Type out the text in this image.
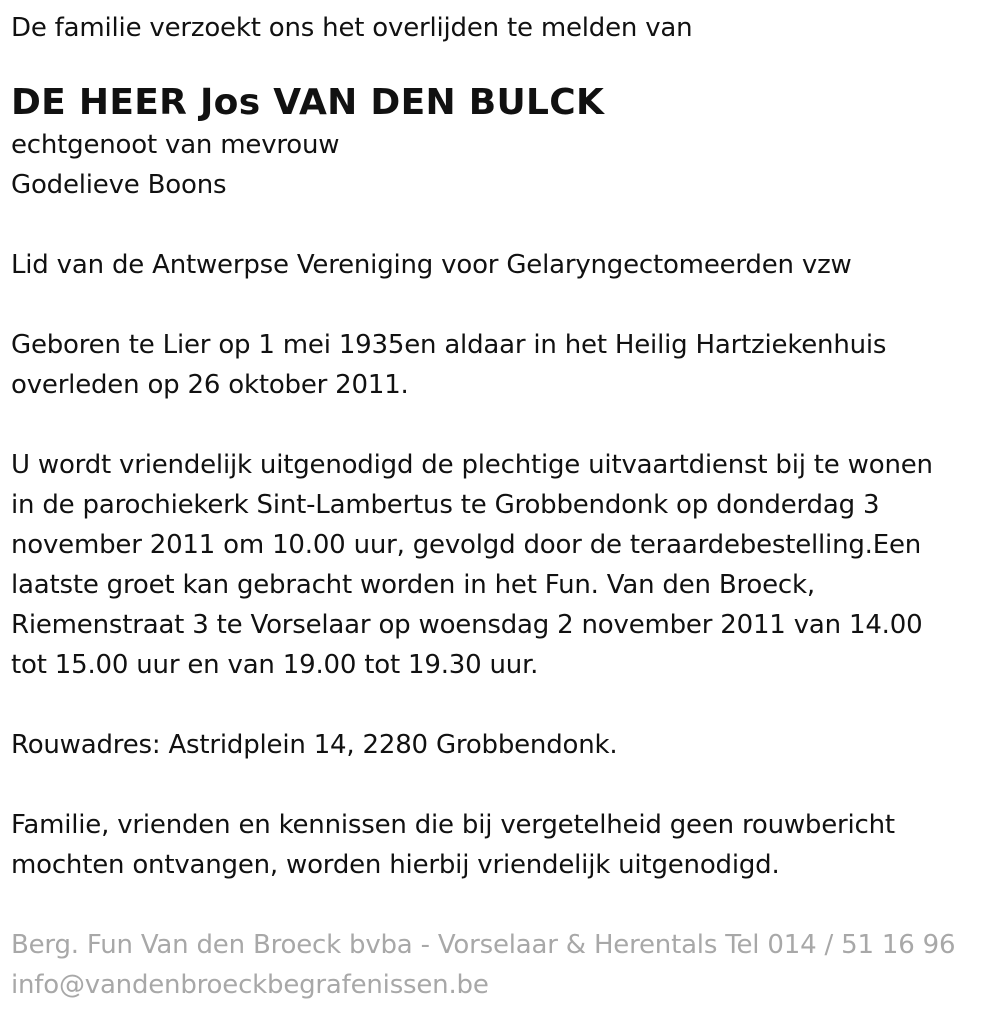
De familie verzoekt ons het overlijden te melden van
DE HEER Jos VAN DEN BULCK
echtgenoot van mevrouw
Godelieve Boons
Lid van de Antwerpse Vereniging voor Gelaryngectomeerden vzw
Geboren te Lier op 1 mei 1935en aldaar in het Heilig Hartziekenhuis
overleden op 26 oktober 2011.
U wordt vriendelijk uitgenodigd de plechtige uitvaartdienst bij te wonen
in de parochiekerk Sint-Lambertus te Grobbendonk op donderdag 3
november 2011 om 10.00 uur, gevolgd door de teraardebestelling.Een
laatste groet kan gebracht worden in het Fun. Van den Broeck,
Riemenstraat 3 te Vorselaar op woensdag 2 november 2011 van 14.00
tot 15.00 uur en van 19.00 tot 19.30 uur.
Rouwadres: Astridplein 14, 2280 Grobbendonk.
Familie, vrienden en kennissen die bij vergetelheid geen rouwbericht
mochten ontvangen, worden hierbij vriendelijk uitgenodigd.
Berg. Fun Van den Broeck bvba - Vorselaar & Herentals Tel 014 / 51 16 96
info@vandenbroeckbegrafenissen.be
